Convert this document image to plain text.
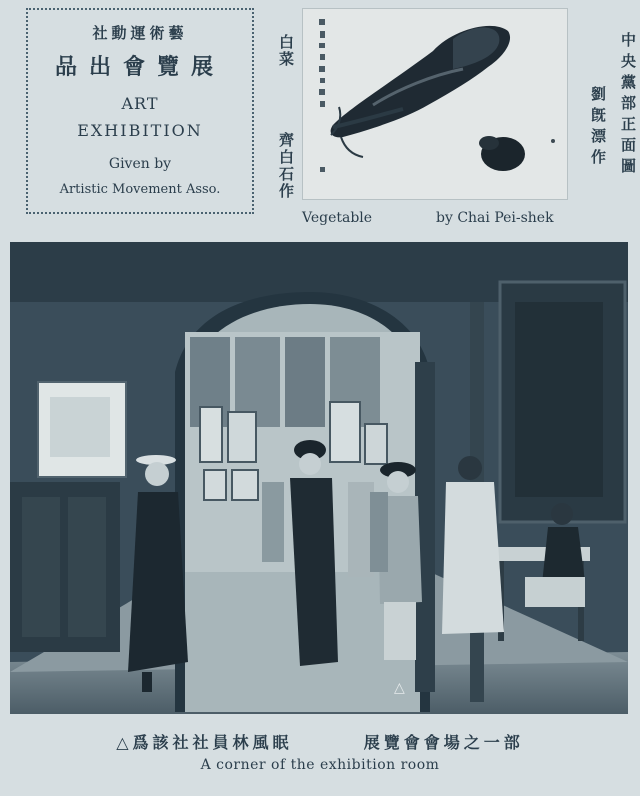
社動運術藝
品出會覽展
ART
EXHIBITION
Given by
Artistic Movement Asso.
白菜
齊白石作
Vegetable	by Chai Pei-shek
中央黨部正面圖
劉旣漂作
△
△爲該社社員林風眠	展覽會會場之一部
A corner of the exhibition room
